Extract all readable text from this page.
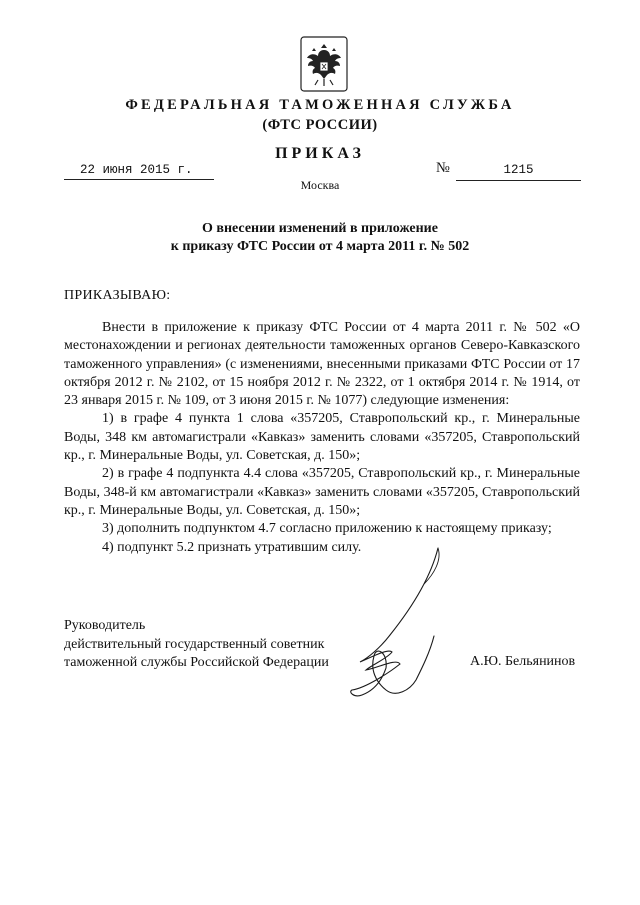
ФЕДЕРАЛЬНАЯ ТАМОЖЕННАЯ СЛУЖБА
(ФТС РОССИИ)
ПРИКАЗ
22 июня 2015 г.	№	1215
Москва
О внесении изменений в приложение
к приказу ФТС России от 4 марта 2011 г. № 502
ПРИКАЗЫВАЮ:

Внести в приложение к приказу ФТС России от 4 марта 2011 г. № 502 «О местонахождении и регионах деятельности таможенных органов Северо-Кавказского таможенного управления» (с изменениями, внесенными приказами ФТС России от 17 октября 2012 г. № 2102, от 15 ноября 2012 г. № 2322, от 1 октября 2014 г. № 1914, от 23 января 2015 г. № 109, от 3 июня 2015 г. № 1077) следующие изменения:

1) в графе 4 пункта 1 слова «357205, Ставропольский кр., г. Минеральные Воды, 348 км автомагистрали «Кавказ» заменить словами «357205, Ставропольский кр., г. Минеральные Воды, ул. Советская, д. 150»;

2) в графе 4 подпункта 4.4 слова «357205, Ставропольский кр., г. Минеральные Воды, 348-й км автомагистрали «Кавказ» заменить словами «357205, Ставропольский кр., г. Минеральные Воды, ул. Советская, д. 150»;

3) дополнить подпунктом 4.7 согласно приложению к настоящему приказу;

4) подпункт 5.2 признать утратившим силу.

Руководитель
действительный государственный советник
таможенной службы Российской Федерации	А.Ю. Бельянинов
